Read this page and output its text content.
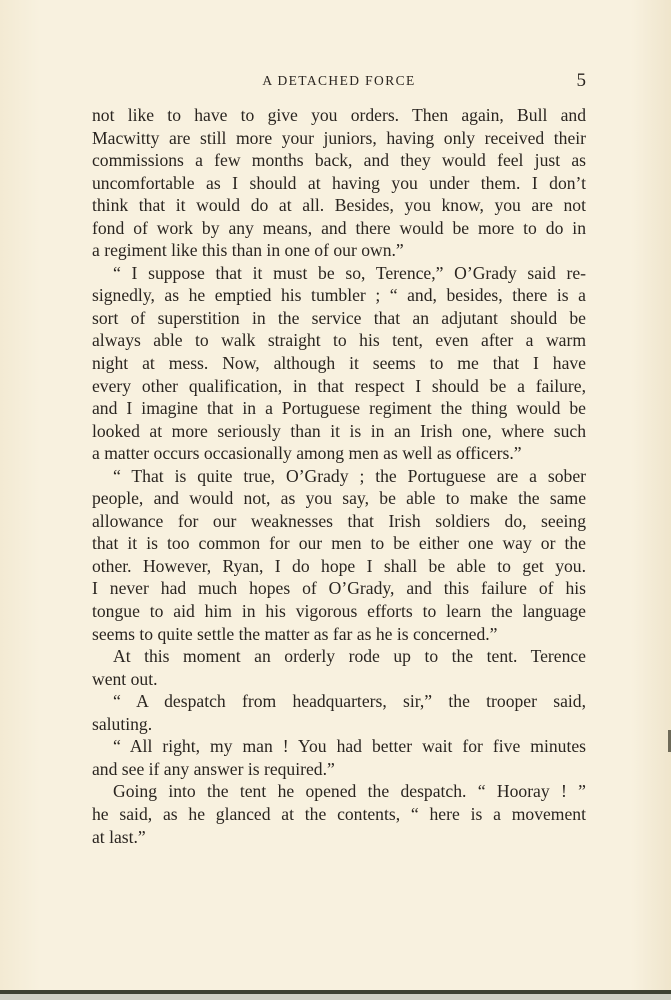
A DETACHED FORCE	5
not like to have to give you orders. Then again, Bull and
Macwitty are still more your juniors, having only received their
commissions a few months back, and they would feel just as
uncomfortable as I should at having you under them. I don’t
think that it would do at all. Besides, you know, you are not
fond of work by any means, and there would be more to do in
a regiment like this than in one of our own.”
“ I suppose that it must be so, Terence,” O’Grady said re-
signedly, as he emptied his tumbler ; “ and, besides, there is a
sort of superstition in the service that an adjutant should be
always able to walk straight to his tent, even after a warm
night at mess. Now, although it seems to me that I have
every other qualification, in that respect I should be a failure,
and I imagine that in a Portuguese regiment the thing would be
looked at more seriously than it is in an Irish one, where such
a matter occurs occasionally among men as well as officers.”
“ That is quite true, O’Grady ; the Portuguese are a sober
people, and would not, as you say, be able to make the same
allowance for our weaknesses that Irish soldiers do, seeing
that it is too common for our men to be either one way or the
other. However, Ryan, I do hope I shall be able to get you.
I never had much hopes of O’Grady, and this failure of his
tongue to aid him in his vigorous efforts to learn the language
seems to quite settle the matter as far as he is concerned.”
At this moment an orderly rode up to the tent. Terence
went out.
“ A despatch from headquarters, sir,” the trooper said,
saluting.
“ All right, my man ! You had better wait for five minutes
and see if any answer is required.”
Going into the tent he opened the despatch. “ Hooray ! ”
he said, as he glanced at the contents, “ here is a movement
at last.”
